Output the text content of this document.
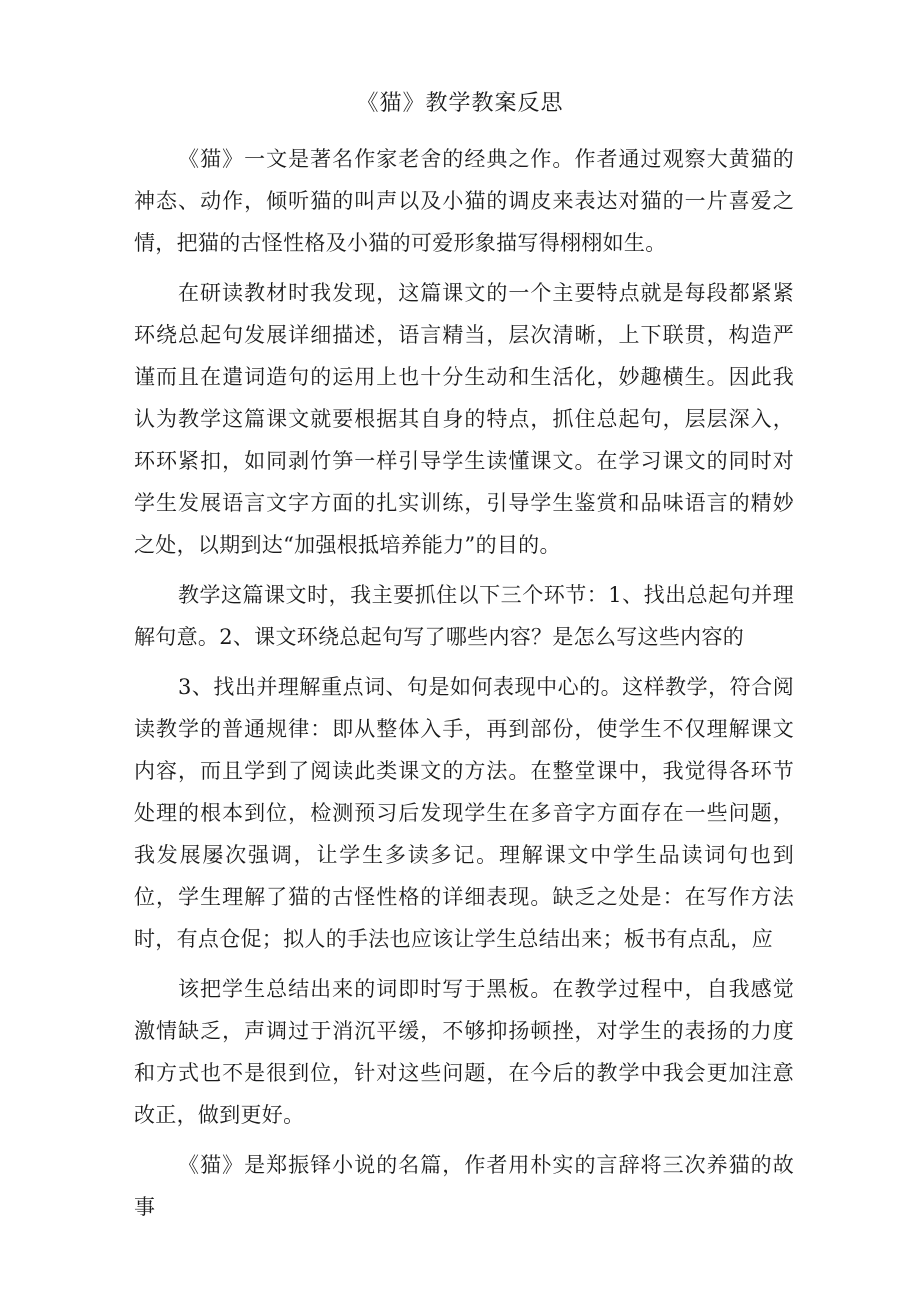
《猫》教学教案反思

《猫》一文是著名作家老舍的经典之作。作者通过观察大黄猫的神态、动作，倾听猫的叫声以及小猫的调皮来表达对猫的一片喜爱之情，把猫的古怪性格及小猫的可爱形象描写得栩栩如生。

在研读教材时我发现，这篇课文的一个主要特点就是每段都紧紧环绕总起句发展详细描述，语言精当，层次清晰，上下联贯，构造严谨而且在遣词造句的运用上也十分生动和生活化，妙趣横生。因此我认为教学这篇课文就要根据其自身的特点，抓住总起句，层层深入，环环紧扣，如同剥竹笋一样引导学生读懂课文。在学习课文的同时对学生发展语言文字方面的扎实训练，引导学生鉴赏和品味语言的精妙之处，以期到达“加强根抵培养能力”的目的。

教学这篇课文时，我主要抓住以下三个环节：1、找出总起句并理解句意。2、课文环绕总起句写了哪些内容？是怎么写这些内容的

3、找出并理解重点词、句是如何表现中心的。这样教学，符合阅读教学的普通规律：即从整体入手，再到部份，使学生不仅理解课文内容，而且学到了阅读此类课文的方法。在整堂课中，我觉得各环节处理的根本到位，检测预习后发现学生在多音字方面存在一些问题，我发展屡次强调，让学生多读多记。理解课文中学生品读词句也到位，学生理解了猫的古怪性格的详细表现。缺乏之处是：在写作方法时，有点仓促；拟人的手法也应该让学生总结出来；板书有点乱，应

该把学生总结出来的词即时写于黑板。在教学过程中，自我感觉激情缺乏，声调过于消沉平缓，不够抑扬顿挫，对学生的表扬的力度和方式也不是很到位，针对这些问题，在今后的教学中我会更加注意改正，做到更好。

《猫》是郑振铎小说的名篇，作者用朴实的言辞将三次养猫的故事
